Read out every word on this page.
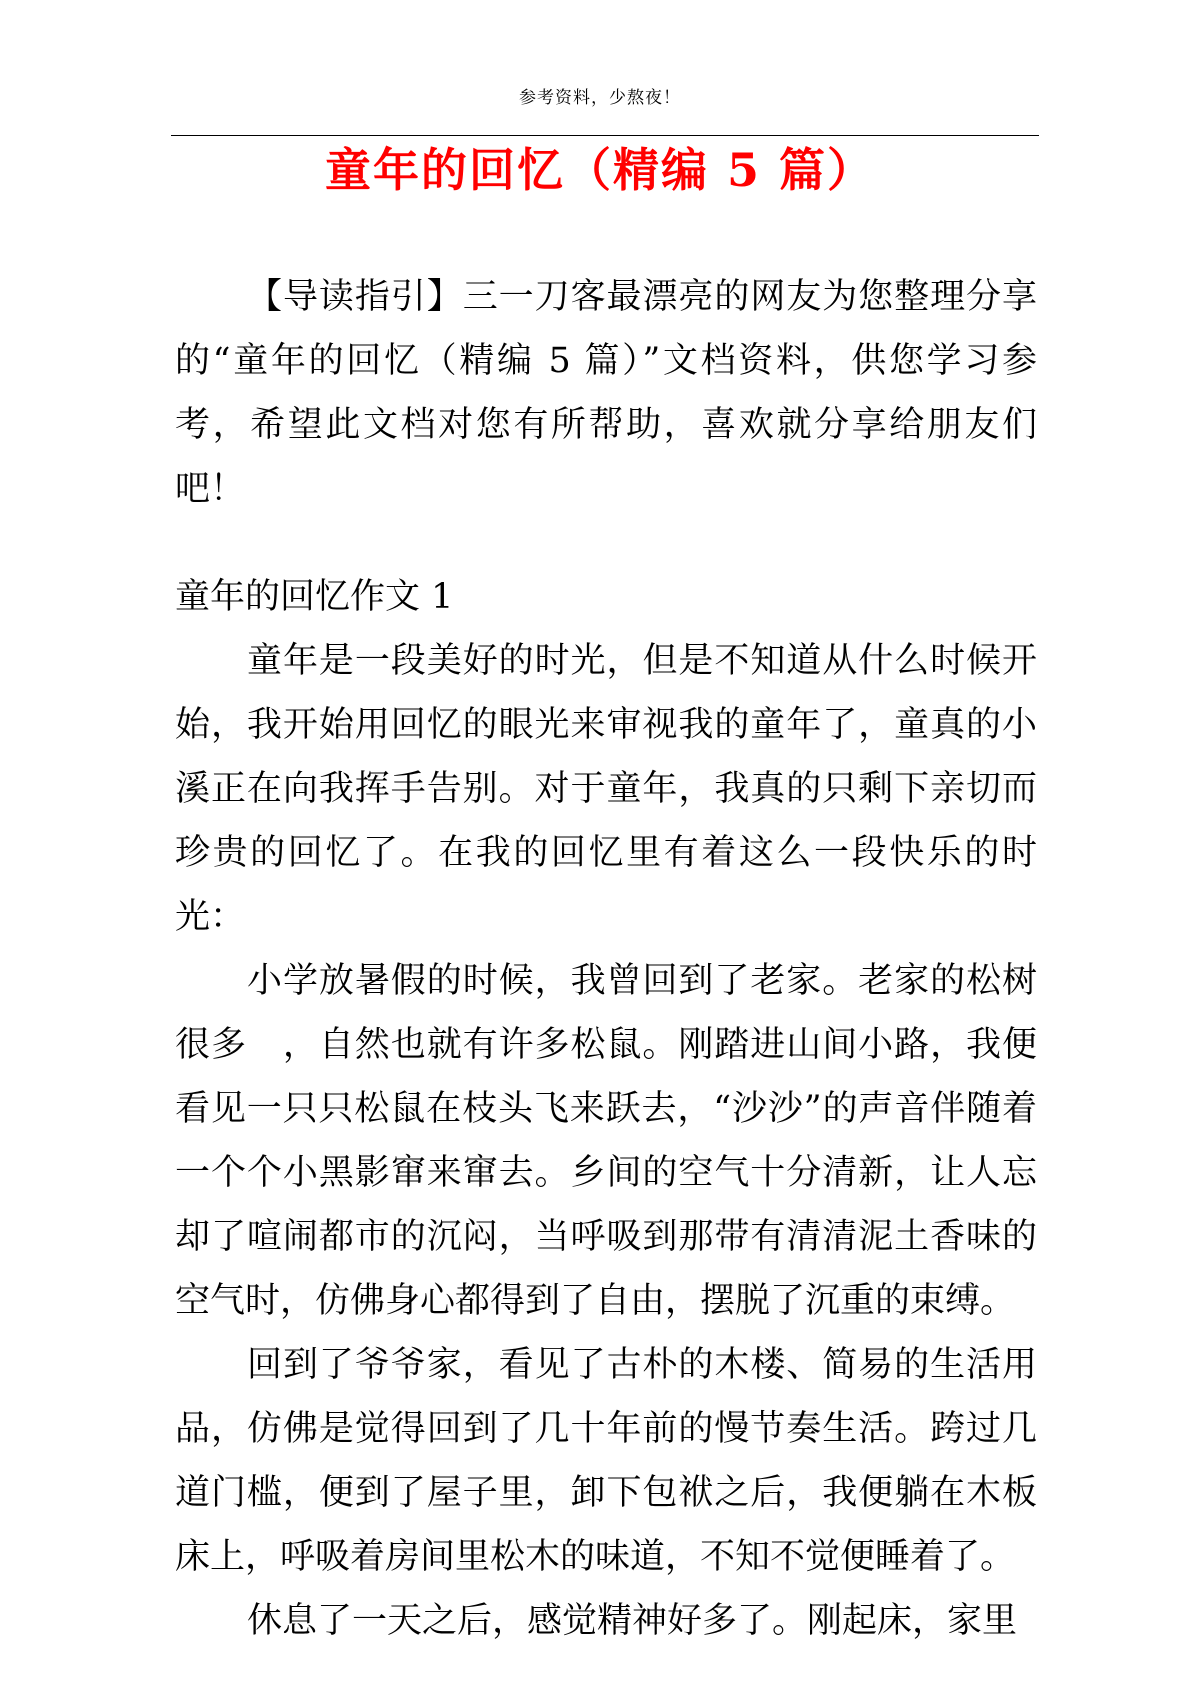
参考资料，少熬夜！
童年的回忆（精编 5 篇）

【导读指引】三一刀客最漂亮的网友为您整理分享的“童年的回忆（精编 5 篇）”文档资料，供您学习参考，希望此文档对您有所帮助，喜欢就分享给朋友们吧！

童年的回忆作文 1

童年是一段美好的时光，但是不知道从什么时候开始，我开始用回忆的眼光来审视我的童年了，童真的小溪正在向我挥手告别。对于童年，我真的只剩下亲切而珍贵的回忆了。在我的回忆里有着这么一段快乐的时光：

小学放暑假的时候，我曾回到了老家。老家的松树很多　，自然也就有许多松鼠。刚踏进山间小路，我便看见一只只松鼠在枝头飞来跃去，“沙沙”的声音伴随着一个个小黑影窜来窜去。乡间的空气十分清新，让人忘却了喧闹都市的沉闷，当呼吸到那带有清清泥土香味的空气时，仿佛身心都得到了自由，摆脱了沉重的束缚。

回到了爷爷家，看见了古朴的木楼、简易的生活用品，仿佛是觉得回到了几十年前的慢节奏生活。跨过几道门槛，便到了屋子里，卸下包袱之后，我便躺在木板床上，呼吸着房间里松木的味道，不知不觉便睡着了。

休息了一天之后，感觉精神好多了。刚起床，家里
